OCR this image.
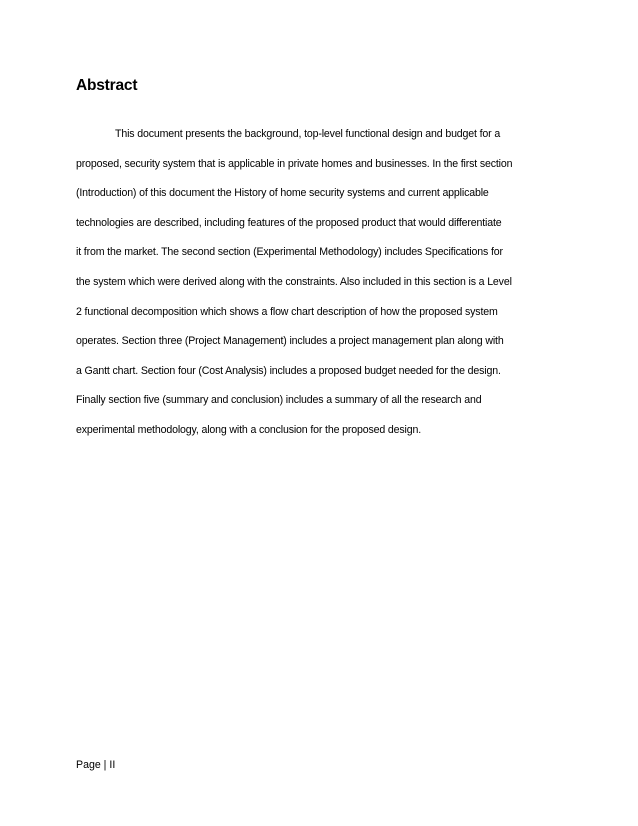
Abstract
This document presents the background, top-level functional design and budget for a
proposed, security system that is applicable in private homes and businesses. In the first section
(Introduction) of this document the History of home security systems and current applicable
technologies are described, including features of the proposed product that would differentiate
it from the market. The second section (Experimental Methodology) includes Specifications for
the system which were derived along with the constraints. Also included in this section is a Level
2 functional decomposition which shows a flow chart description of how the proposed system
operates. Section three (Project Management) includes a project management plan along with
a Gantt chart. Section four (Cost Analysis) includes a proposed budget needed for the design.
Finally section five (summary and conclusion) includes a summary of all the research and
experimental methodology, along with a conclusion for the proposed design.
Page | II
